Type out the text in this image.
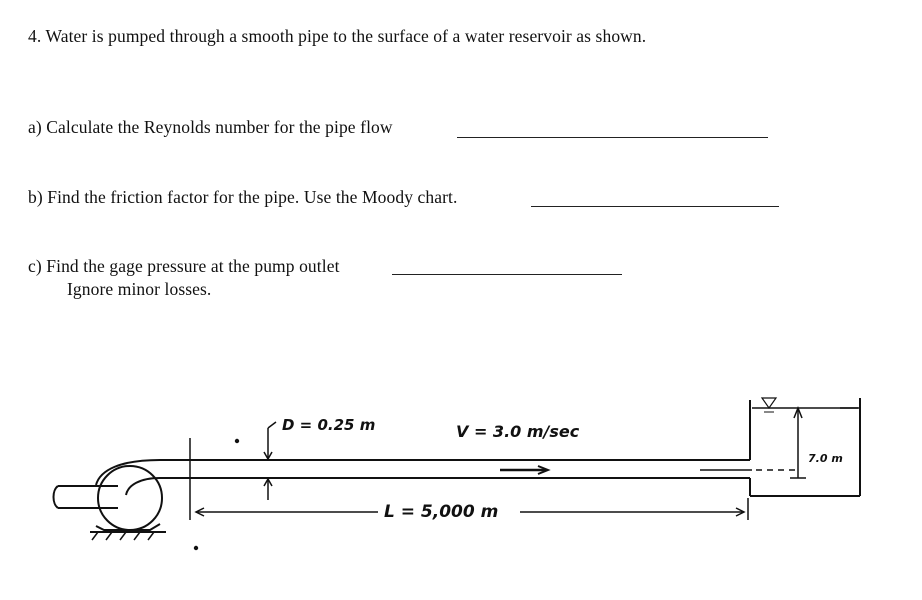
4. Water is pumped through a smooth pipe to the surface of a water reservoir as shown.
a) Calculate the Reynolds number for the pipe flow
b) Find the friction factor for the pipe. Use the Moody chart.
c) Find the gage pressure at the pump outlet
Ignore minor losses.
D = 0.25 m	V = 3.0 m/sec
L = 5,000 m
7.0 m
